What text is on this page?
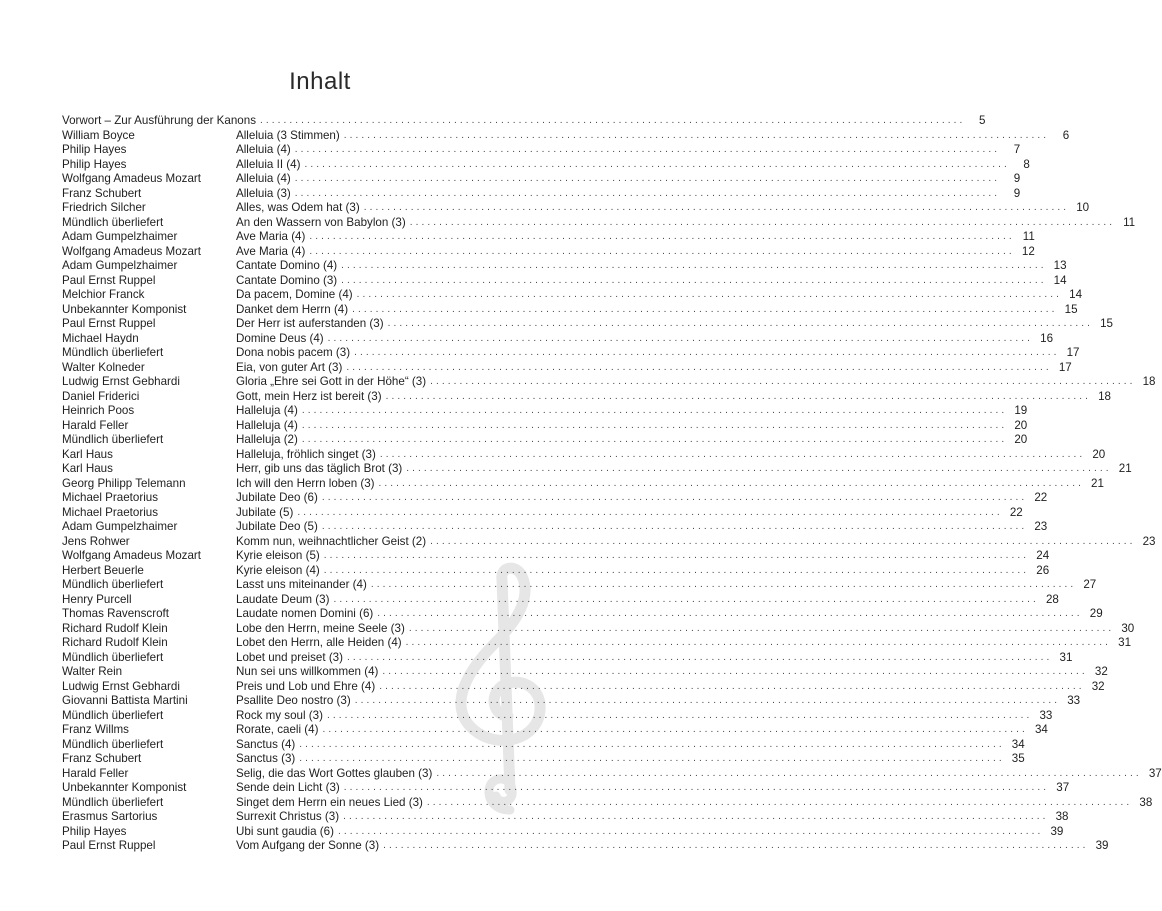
Inhalt
Vorwort – Zur Ausführung der Kanons ........................................................................................................................	5
William Boyce	Alleluia (3 Stimmen) ........................................................................................................................	6
Philip Hayes	Alleluia (4) ........................................................................................................................	7
Philip Hayes	Alleluia II (4) ........................................................................................................................	8
Wolfgang Amadeus Mozart	Alleluia (4) ........................................................................................................................	9
Franz Schubert	Alleluia (3) ........................................................................................................................	9
Friedrich Silcher	Alles, was Odem hat (3) ........................................................................................................................ 10
Mündlich überliefert	An den Wassern von Babylon (3) ........................................................................................................................ 11
Adam Gumpelzhaimer	Ave Maria (4) ........................................................................................................................ 11
Wolfgang Amadeus Mozart	Ave Maria (4) ........................................................................................................................ 12
Adam Gumpelzhaimer	Cantate Domino (4) ........................................................................................................................ 13
Paul Ernst Ruppel	Cantate Domino (3) ........................................................................................................................ 14
Melchior Franck	Da pacem, Domine (4) ........................................................................................................................ 14
Unbekannter Komponist	Danket dem Herrn (4) ........................................................................................................................ 15
Paul Ernst Ruppel	Der Herr ist auferstanden (3) ........................................................................................................................ 15
Michael Haydn	Domine Deus (4) ........................................................................................................................ 16
Mündlich überliefert	Dona nobis pacem (3) ........................................................................................................................ 17
Walter Kolneder	Eia, von guter Art (3) ........................................................................................................................ 17
Ludwig Ernst Gebhardi	Gloria „Ehre sei Gott in der Höhe“ (3) ........................................................................................................................ 18
Daniel Friderici	Gott, mein Herz ist bereit (3) ........................................................................................................................ 18
Heinrich Poos	Halleluja (4) ........................................................................................................................ 19
Harald Feller	Halleluja (4) ........................................................................................................................ 20
Mündlich überliefert	Halleluja (2) ........................................................................................................................ 20
Karl Haus	Halleluja, fröhlich singet (3) ........................................................................................................................ 20
Karl Haus	Herr, gib uns das täglich Brot (3) ........................................................................................................................ 21
Georg Philipp Telemann	Ich will den Herrn loben (3) ........................................................................................................................ 21
Michael Praetorius	Jubilate Deo (6) ........................................................................................................................ 22
Michael Praetorius	Jubilate (5) ........................................................................................................................ 22
Adam Gumpelzhaimer	Jubilate Deo (5) ........................................................................................................................ 23
Jens Rohwer	Komm nun, weihnachtlicher Geist (2) ........................................................................................................................ 23
Wolfgang Amadeus Mozart	Kyrie eleison (5) ........................................................................................................................ 24
Herbert Beuerle	Kyrie eleison (4) ........................................................................................................................ 26
Mündlich überliefert	Lasst uns miteinander (4) ........................................................................................................................ 27
Henry Purcell	Laudate Deum (3) ........................................................................................................................ 28
Thomas Ravenscroft	Laudate nomen Domini (6) ........................................................................................................................ 29
Richard Rudolf Klein	Lobe den Herrn, meine Seele (3) ........................................................................................................................ 30
Richard Rudolf Klein	Lobet den Herrn, alle Heiden (4) ........................................................................................................................ 31
Mündlich überliefert	Lobet und preiset (3) ........................................................................................................................ 31
Walter Rein	Nun sei uns willkommen (4) ........................................................................................................................ 32
Ludwig Ernst Gebhardi	Preis und Lob und Ehre (4) ........................................................................................................................ 32
Giovanni Battista Martini	Psallite Deo nostro (3) ........................................................................................................................ 33
Mündlich überliefert	Rock my soul (3) ........................................................................................................................ 33
Franz Willms	Rorate, caeli (4) ........................................................................................................................ 34
Mündlich überliefert	Sanctus (4) ........................................................................................................................ 34
Franz Schubert	Sanctus (3) ........................................................................................................................ 35
Harald Feller	Selig, die das Wort Gottes glauben (3) ........................................................................................................................ 37
Unbekannter Komponist	Sende dein Licht (3) ........................................................................................................................ 37
Mündlich überliefert	Singet dem Herrn ein neues Lied (3) ........................................................................................................................ 38
Erasmus Sartorius	Surrexit Christus (3) ........................................................................................................................ 38
Philip Hayes	Ubi sunt gaudia (6) ........................................................................................................................ 39
Paul Ernst Ruppel	Vom Aufgang der Sonne (3) ........................................................................................................................ 39
